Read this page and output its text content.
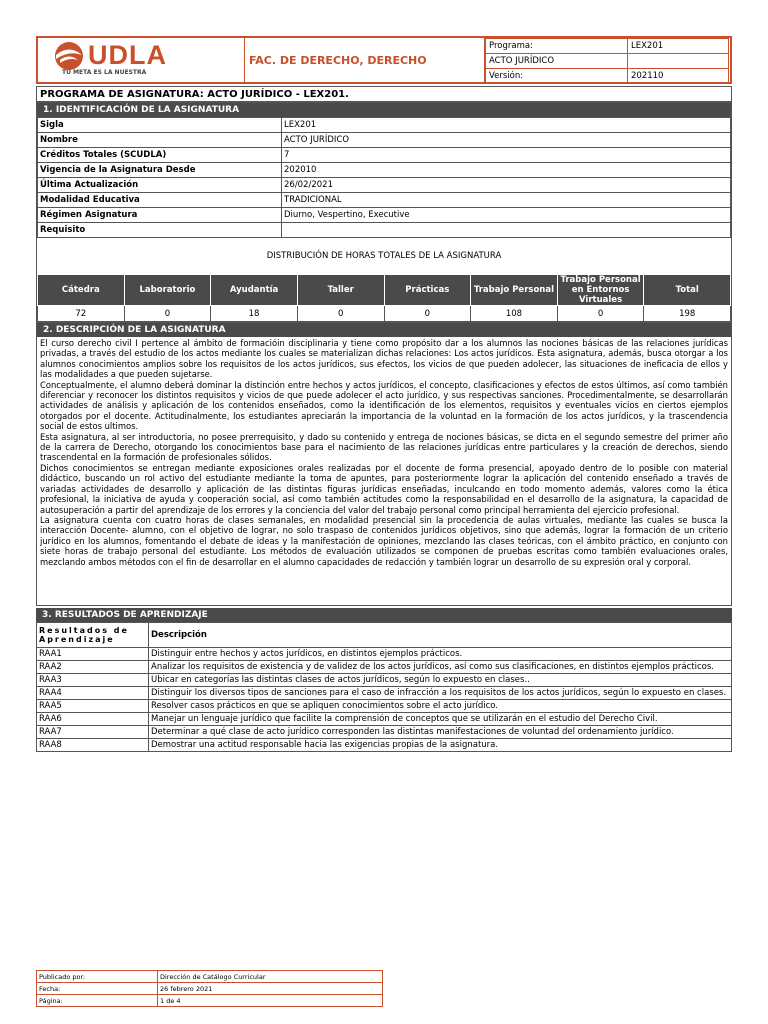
UDLA
TU META ES LA NUESTRA
FAC. DE DERECHO, DERECHO
Programa:	LEX201
ACTO JURÍDICO	
Versión:	202110
PROGRAMA DE ASIGNATURA: ACTO JURÍDICO - LEX201.
1. IDENTIFICACIÓN DE LA ASIGNATURA
Sigla	LEX201
Nombre	ACTO JURÍDICO
Créditos Totales (SCUDLA)	7
Vigencia de la Asignatura Desde	202010
Última Actualización	26/02/2021
Modalidad Educativa	TRADICIONAL
Régimen Asignatura	Diurno, Vespertino, Executive
Requisito	
DISTRIBUCIÓN DE HORAS TOTALES DE LA ASIGNATURA
Cátedra	Laboratorio	Ayudantía	Taller	Prácticas	Trabajo Personal	Trabajo Personal en Entornos Virtuales	Total
72	0	18	0	0	108	0	198
2. DESCRIPCIÓN DE LA ASIGNATURA
El curso derecho civil I pertence al ámbito de formacióin disciplinaria y tiene como propósito dar a los alumnos las nociones básicas de las relaciones jurídicas privadas, a través del estudio de los actos mediante los cuales se materializan dichas relaciones: Los actos jurídicos. Esta asignatura, además, busca otorgar a los alumnos conocimientos amplios sobre los requisitos de los actos jurídicos, sus efectos, los vicios de que pueden adolecer, las situaciones de ineficacia de ellos y las modalidades a que pueden sujetarse.
Conceptualmente, el alumno deberá dominar la distinción entre hechos y actos jurídicos, el concepto, clasificaciones y efectos de estos últimos, así como también diferenciar y reconocer los distintos requisitos y vicios de que puede adolecer el acto jurídico, y sus respectivas sanciones. Procedimentalmente, se desarrollarán actividades de análisis y aplicación de los contenidos enseñados, como la identificación de los elementos, requisitos y eventuales vicios en ciertos ejemplos otorgados por el docente. Actitudinalmente, los estudiantes apreciarán la importancia de la voluntad en la formación de los actos jurídicos, y la trascendencia social de estos ultimos.
Esta asignatura, al ser introductoria, no posee prerrequisito, y dado su contenido y entrega de nociones básicas, se dicta en el segundo semestre del primer año de la carrera de Derecho, otorgando los conocimientos base para el nacimiento de las relaciones jurídicas entre particulares y la creación de derechos, siendo trascendental en la formación de profesionales sólidos.
Dichos conocimientos se entregan mediante exposiciones orales realizadas por el docente de forma presencial, apoyado dentro de lo posible con material didáctico, buscando un rol activo del estudiante mediante la toma de apuntes, para posteriormente lograr la aplicación del contenido enseñado a través de variadas actividades de desarrollo y aplicación de las distintas figuras jurídicas enseñadas, inculcando en todo momento además, valores como la ética profesional, la iniciativa de ayuda y cooperación social, así como también actitudes como la responsabilidad en el desarrollo de la asignatura, la capacidad de autosuperación a partir del aprendizaje de los errores y la conciencia del valor del trabajo personal como principal herramienta del ejercicio profesional.
La asignatura cuenta con cuatro horas de clases semanales, en modalidad presencial sin la procedencia de aulas virtuales, mediante las cuales se busca la interacción Docente- alumno, con el objetivo de lograr, no solo traspaso de contenidos jurídicos objetivos, sino que además, lograr la formación de un criterio jurídico en los alumnos, fomentando el debate de ideas y la manifestación de opiniones, mezclando las clases teóricas, con el ámbito práctico, en conjunto con siete horas de trabajo personal del estudiante. Los métodos de evaluación utilizados se componen de pruebas escritas como también evaluaciones orales, mezclando ambos métodos con el fin de desarrollar en el alumno capacidades de redacción y también lograr un desarrollo de su expresión oral y corporal.
3. RESULTADOS DE APRENDIZAJE
Resultados de Aprendizaje	Descripción
RAA1	Distinguir entre hechos y actos jurídicos, en distintos ejemplos prácticos.
RAA2	Analizar los requisitos de existencia y de validez de los actos jurídicos, así como sus clasificaciones, en distintos ejemplos prácticos.
RAA3	Ubicar en categorías las distintas clases de actos jurídicos, según lo expuesto en clases..
RAA4	Distinguir los diversos tipos de sanciones para el caso de infracción a los requisitos de los actos jurídicos, según lo expuesto en clases.
RAA5	Resolver casos prácticos en que se apliquen conocimientos sobre el acto jurídico.
RAA6	Manejar un lenguaje jurídico que facilite la comprensión de conceptos que se utilizarán en el estudio del Derecho Civil.
RAA7	Determinar a qué clase de acto jurídico corresponden las distintas manifestaciones de voluntad del ordenamiento jurídico.
RAA8	Demostrar una actitud responsable hacia las exigencias propias de la asignatura.
Publicado por:	Dirección de Catálogo Curricular
Fecha:	26 febrero 2021
Página:	1 de 4
